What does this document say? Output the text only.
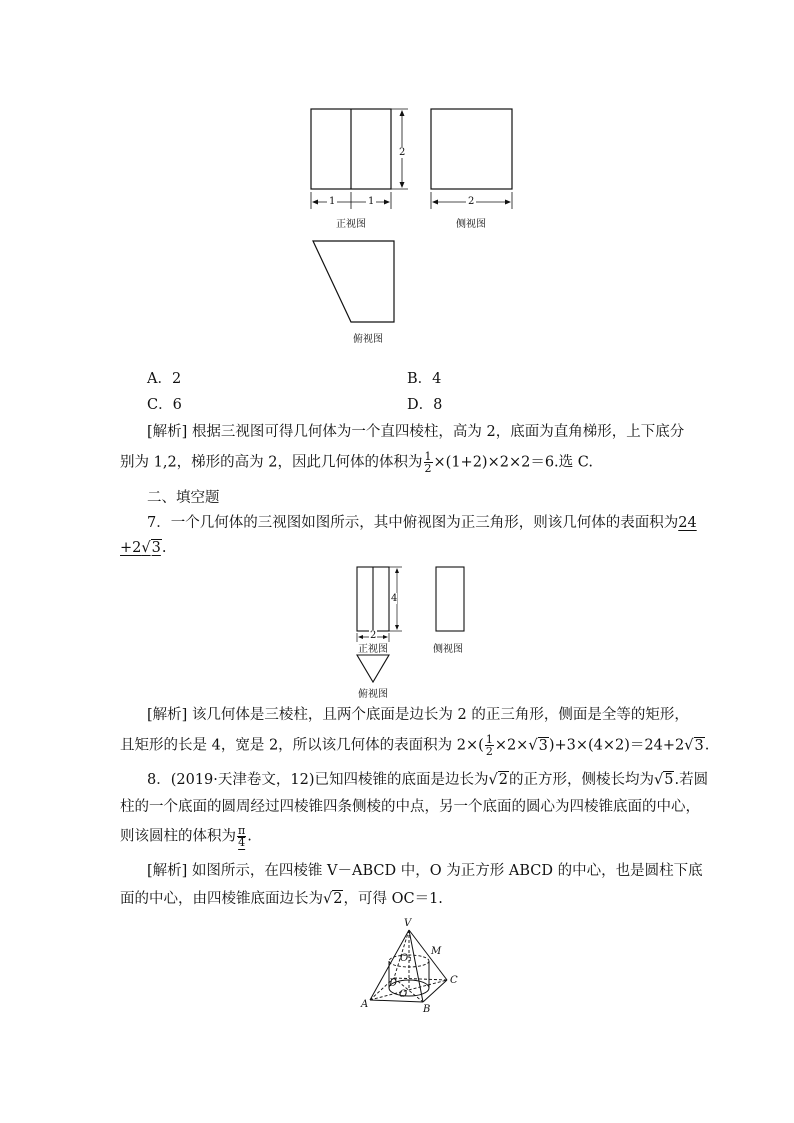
2
1	1	2
正视图	侧视图
俯视图
A．2	B．4
C．6	D．8
[解析] 根据三视图可得几何体为一个直四棱柱，高为 2，底面为直角梯形，上下底分
别为 1,2，梯形的高为 2，因此几何体的体积为 $\frac{1}{2} \times(1+2)\times 2\times 2=6$.选 C.
二、填空题
7．一个几何体的三视图如图所示，其中俯视图为正三角形，则该几何体的表面积为24
+2√3.
4
2
正视图	侧视图
俯视图
[解析] 该几何体是三棱柱，且两个底面是边长为 2 的正三角形，侧面是全等的矩形，
且矩形的长是 4，宽是 2，所以该几何体的表面积为 $2\times( \frac{1}{2} \times 2\times√3)+3\times(4\times 2)=24+2√3$.
8．(2019·天津卷文，12)已知四棱锥的底面是边长为√2的正方形，侧棱长均为√5.若圆
柱的一个底面的圆周经过四棱锥四条侧棱的中点，另一个底面的圆心为四棱锥底面的中心，
则该圆柱的体积为 $\frac{\pi}{4}$ .
[解析] 如图所示，在四棱锥 V－ABCD 中，O 为正方形 ABCD 的中心，也是圆柱下底
面的中心，由四棱锥底面边长为√2，可得 OC＝1.
V
M
O₁
D
O
C
A	B
